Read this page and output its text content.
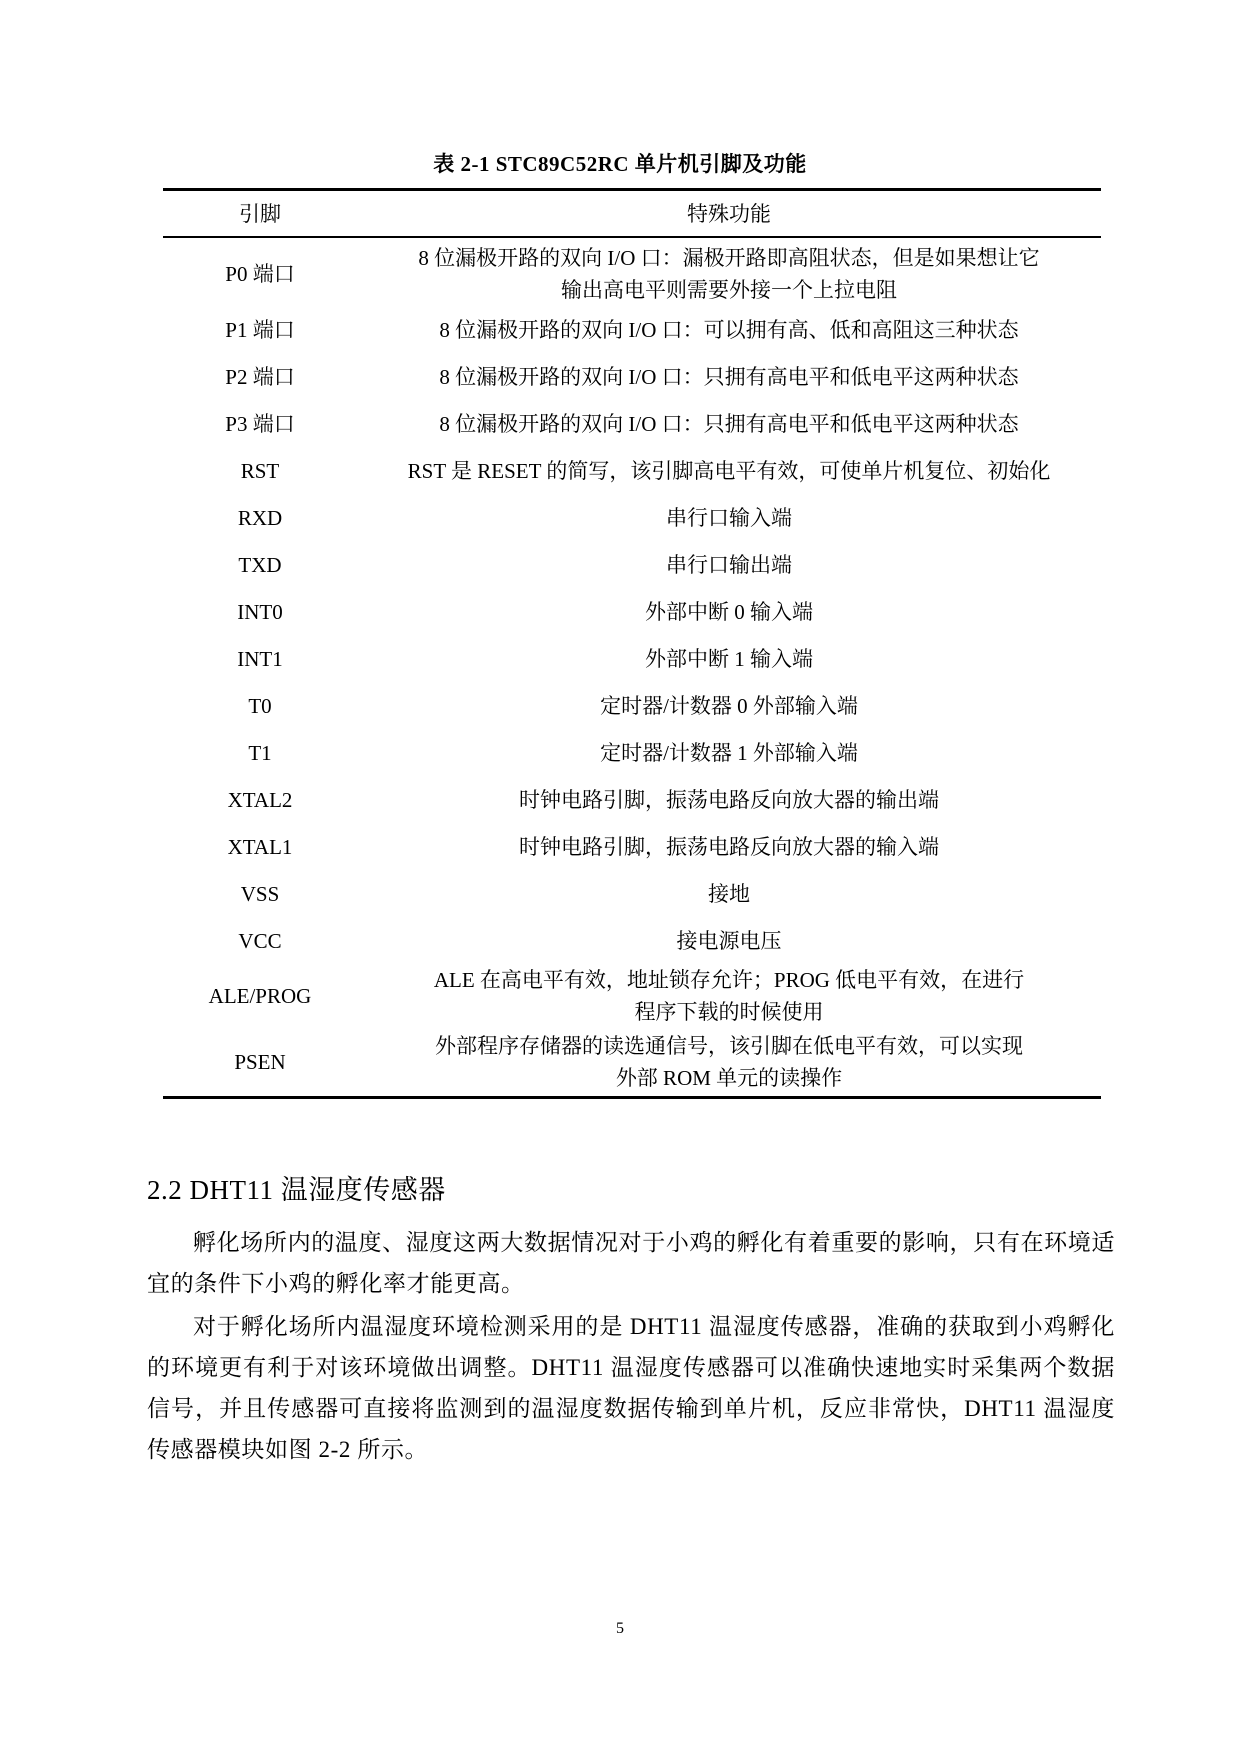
表 2-1 STC89C52RC 单片机引脚及功能
引脚	特殊功能
P0 端口	8 位漏极开路的双向 I/O 口：漏极开路即高阻状态，但是如果想让它
输出高电平则需要外接一个上拉电阻

P1 端口	8 位漏极开路的双向 I/O 口：可以拥有高、低和高阻这三种状态

P2 端口	8 位漏极开路的双向 I/O 口：只拥有高电平和低电平这两种状态

P3 端口	8 位漏极开路的双向 I/O 口：只拥有高电平和低电平这两种状态

RST	RST 是 RESET 的简写，该引脚高电平有效，可使单片机复位、初始化

RXD	串行口输入端

TXD	串行口输出端

INT0	外部中断 0 输入端

INT1	外部中断 1 输入端

T0	定时器/计数器 0 外部输入端

T1	定时器/计数器 1 外部输入端

XTAL2	时钟电路引脚，振荡电路反向放大器的输出端

XTAL1	时钟电路引脚，振荡电路反向放大器的输入端

VSS	接地

VCC	接电源电压

ALE/PROG	ALE 在高电平有效，地址锁存允许；PROG 低电平有效，在进行
程序下载的时候使用

PSEN	外部程序存储器的读选通信号，该引脚在低电平有效，可以实现
外部 ROM 单元的读操作
2.2 DHT11 温湿度传感器

孵化场所内的温度、湿度这两大数据情况对于小鸡的孵化有着重要的影响，只有在环境适宜的条件下小鸡的孵化率才能更高。

对于孵化场所内温湿度环境检测采用的是 DHT11 温湿度传感器，准确的获取到小鸡孵化的环境更有利于对该环境做出调整。DHT11 温湿度传感器可以准确快速地实时采集两个数据信号，并且传感器可直接将监测到的温湿度数据传输到单片机，反应非常快，DHT11 温湿度传感器模块如图 2-2 所示。

5
